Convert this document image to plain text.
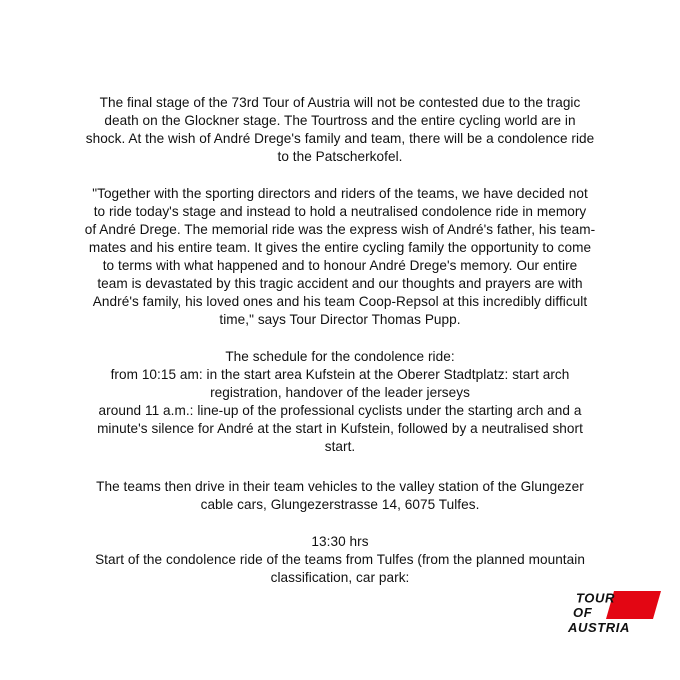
The final stage of the 73rd Tour of Austria will not be contested due to the tragic
death on the Glockner stage. The Tourtross and the entire cycling world are in
shock. At the wish of André Drege's family and team, there will be a condolence ride
to the Patscherkofel.
"Together with the sporting directors and riders of the teams, we have decided not
to ride today's stage and instead to hold a neutralised condolence ride in memory
of André Drege. The memorial ride was the express wish of André's father, his team-
mates and his entire team. It gives the entire cycling family the opportunity to come
to terms with what happened and to honour André Drege's memory. Our entire
team is devastated by this tragic accident and our thoughts and prayers are with
André's family, his loved ones and his team Coop-Repsol at this incredibly difficult
time," says Tour Director Thomas Pupp.
The schedule for the condolence ride:
from 10:15 am: in the start area Kufstein at the Oberer Stadtplatz: start arch
registration, handover of the leader jerseys
around 11 a.m.: line-up of the professional cyclists under the starting arch and a
minute's silence for André at the start in Kufstein, followed by a neutralised short
start.
The teams then drive in their team vehicles to the valley station of the Glungezer
cable cars, Glungezerstrasse 14, 6075 Tulfes.
13:30 hrs
Start of the condolence ride of the teams from Tulfes (from the planned mountain
classification, car park:
TOUR
OF
AUSTRIA
